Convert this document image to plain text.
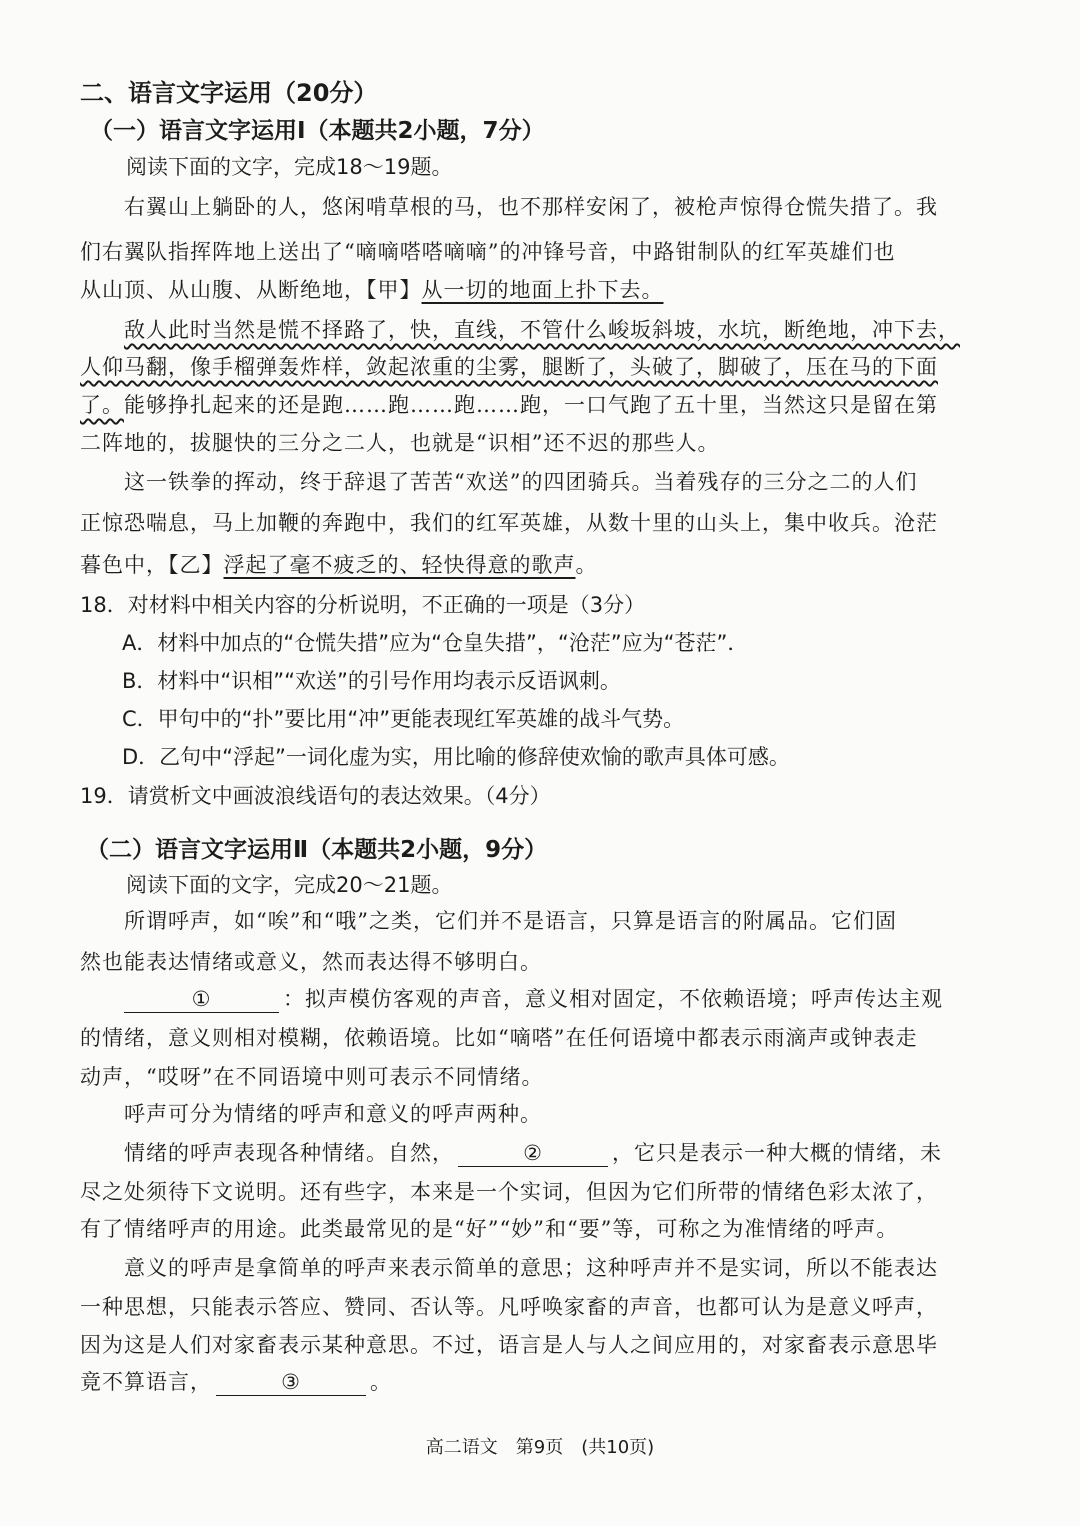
二、语言文字运用（20分）
（一）语言文字运用Ⅰ（本题共2小题，7分）
阅读下面的文字，完成18～19题。
右翼山上躺卧的人，悠闲啃草根的马，也不那样安闲了，被枪声惊得仓慌失措了。我
们右翼队指挥阵地上送出了“嘀嘀嗒嗒嘀嘀”的冲锋号音，中路钳制队的红军英雄们也
从山顶、从山腹、从断绝地，【甲】从一切的地面上扑下去。
敌人此时当然是慌不择路了，快，直线，不管什么峻坂斜坡，水坑，断绝地，冲下去，
人仰马翻，像手榴弹轰炸样，敛起浓重的尘雾，腿断了，头破了，脚破了，压在马的下面
了。能够挣扎起来的还是跑……跑……跑……跑，一口气跑了五十里，当然这只是留在第
二阵地的，拔腿快的三分之二人，也就是“识相”还不迟的那些人。
这一铁拳的挥动，终于辞退了苦苦“欢送”的四团骑兵。当着残存的三分之二的人们
正惊恐喘息，马上加鞭的奔跑中，我们的红军英雄，从数十里的山头上，集中收兵。沧茫
暮色中，【乙】浮起了毫不疲乏的、轻快得意的歌声。
18．对材料中相关内容的分析说明，不正确的一项是（3分）
A．材料中加点的“仓慌失措”应为“仓皇失措”，“沧茫”应为“苍茫”．
B．材料中“识相”“欢送”的引号作用均表示反语讽刺。
C．甲句中的“扑”要比用“冲”更能表现红军英雄的战斗气势。
D．乙句中“浮起”一词化虚为实，用比喻的修辞使欢愉的歌声具体可感。
19．请赏析文中画波浪线语句的表达效果。（4分）
（二）语言文字运用Ⅱ（本题共2小题，9分）
阅读下面的文字，完成20～21题。
所谓呼声，如“唉”和“哦”之类，它们并不是语言，只算是语言的附属品。它们固
然也能表达情绪或意义，然而表达得不够明白。
①	：拟声模仿客观的声音，意义相对固定，不依赖语境；呼声传达主观
的情绪，意义则相对模糊，依赖语境。比如“嘀嗒”在任何语境中都表示雨滴声或钟表走
动声，“哎呀”在不同语境中则可表示不同情绪。
呼声可分为情绪的呼声和意义的呼声两种。
情绪的呼声表现各种情绪。自然，	②	，它只是表示一种大概的情绪，未
尽之处须待下文说明。还有些字，本来是一个实词，但因为它们所带的情绪色彩太浓了，
有了情绪呼声的用途。此类最常见的是“好”“妙”和“要”等，可称之为准情绪的呼声。
意义的呼声是拿简单的呼声来表示简单的意思；这种呼声并不是实词，所以不能表达
一种思想，只能表示答应、赞同、否认等。凡呼唤家畜的声音，也都可认为是意义呼声，
因为这是人们对家畜表示某种意思。不过，语言是人与人之间应用的，对家畜表示意思毕
竟不算语言，	③	。
高二语文　第9页　(共10页)
